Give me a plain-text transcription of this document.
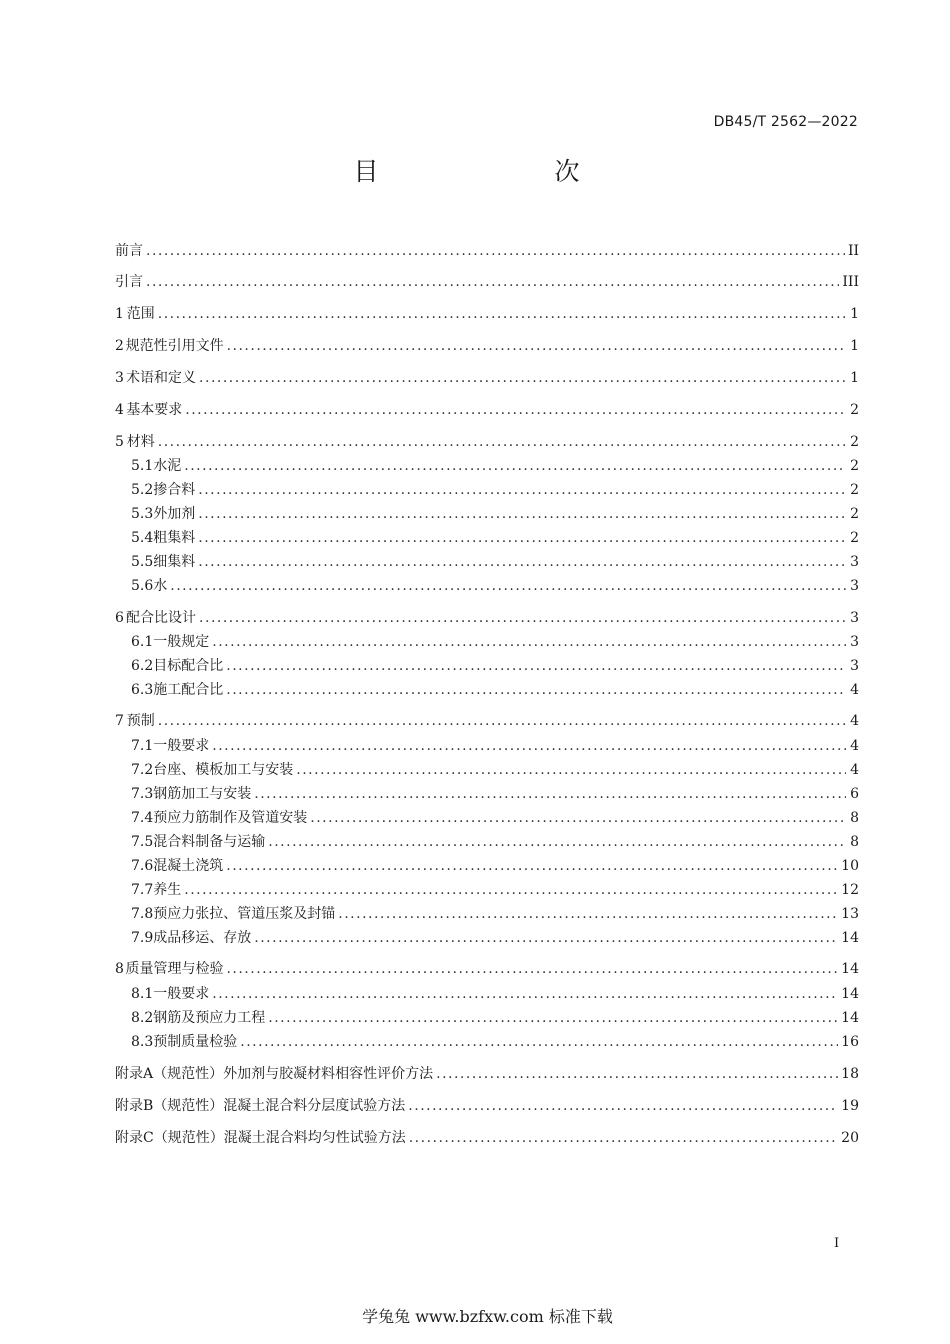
DB45/T 2562—2022
目　　次
前言 .....	II
引言 .....	III
1 范围 .....	1
2 规范性引用文件 .....	1
3 术语和定义 .....	1
4 基本要求 .....	2
5 材料 .....	2
5.1 水泥 .....	2
5.2 掺合料 .....	2
5.3 外加剂 .....	2
5.4 粗集料 .....	2
5.5 细集料 .....	3
5.6 水 .....	3
6 配合比设计 .....	3
6.1 一般规定 .....	3
6.2 目标配合比 .....	3
6.3 施工配合比 .....	4
7 预制 .....	4
7.1 一般要求 .....	4
7.2 台座、模板加工与安装 .....	4
7.3 钢筋加工与安装 .....	6
7.4 预应力筋制作及管道安装 .....	8
7.5 混合料制备与运输 .....	8
7.6 混凝土浇筑 .....	10
7.7 养生 .....	12
7.8 预应力张拉、管道压浆及封锚 .....	13
7.9 成品移运、存放 .....	14
8 质量管理与检验 .....	14
8.1 一般要求 .....	14
8.2 钢筋及预应力工程 .....	14
8.3 预制质量检验 .....	16
附录A（规范性） 外加剂与胶凝材料相容性评价方法 .....	18
附录B（规范性） 混凝土混合料分层度试验方法 .....	19
附录C（规范性） 混凝土混合料均匀性试验方法 .....	20
I
学兔兔 www.bzfxw.com 标准下载
